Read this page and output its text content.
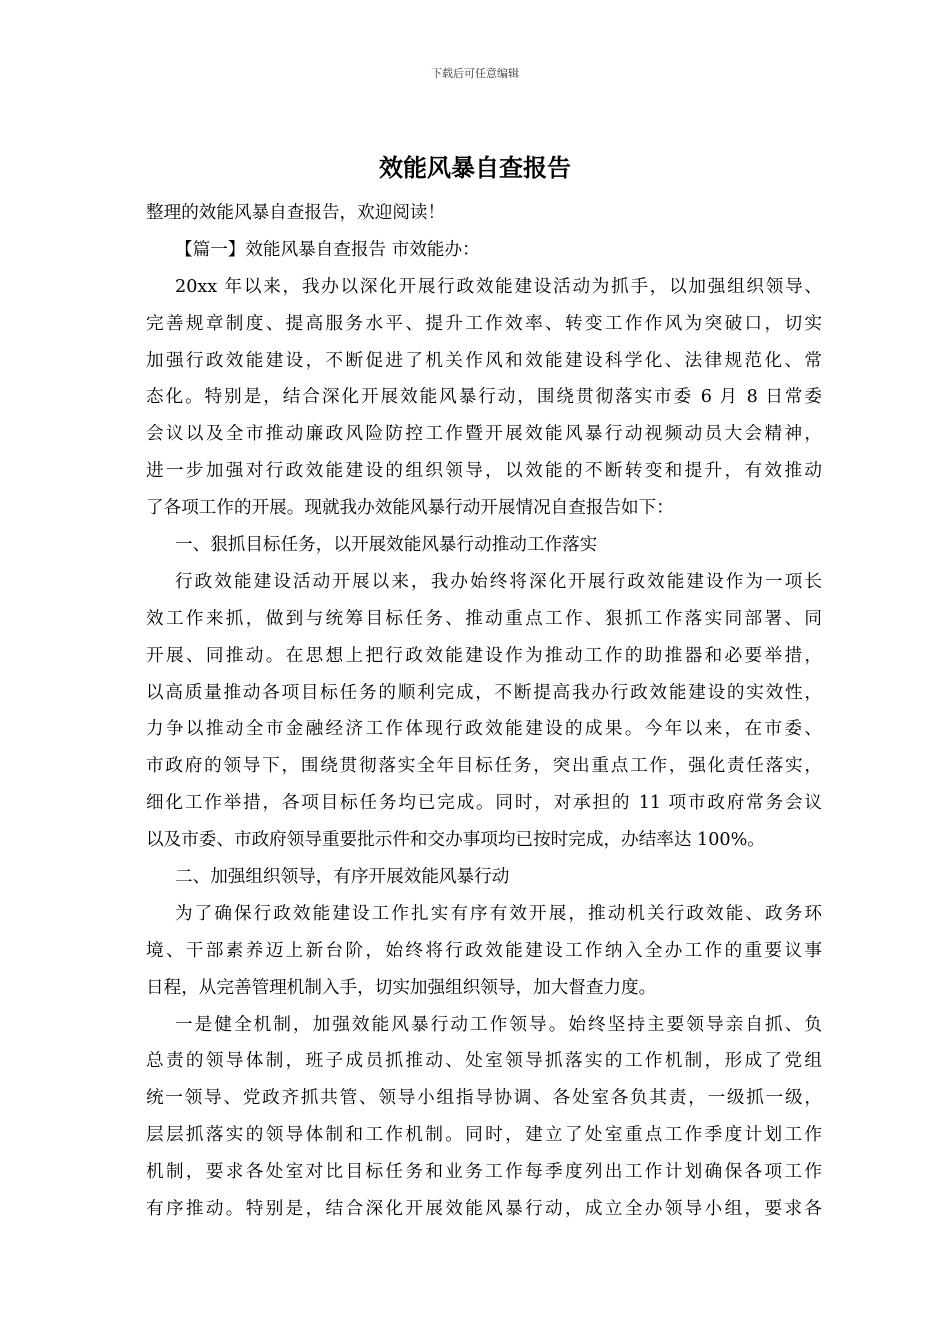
下载后可任意编辑
效能风暴自查报告
整理的效能风暴自查报告，欢迎阅读！
【篇一】效能风暴自查报告 市效能办：
20xx 年以来，我办以深化开展行政效能建设活动为抓手，以加强组织领导、
完善规章制度、提高服务水平、提升工作效率、转变工作作风为突破口，切实
加强行政效能建设，不断促进了机关作风和效能建设科学化、法律规范化、常
态化。特别是，结合深化开展效能风暴行动，围绕贯彻落实市委 6 月 8 日常委
会议以及全市推动廉政风险防控工作暨开展效能风暴行动视频动员大会精神，
进一步加强对行政效能建设的组织领导，以效能的不断转变和提升，有效推动
了各项工作的开展。现就我办效能风暴行动开展情况自查报告如下：
一、狠抓目标任务，以开展效能风暴行动推动工作落实
行政效能建设活动开展以来，我办始终将深化开展行政效能建设作为一项长
效工作来抓，做到与统筹目标任务、推动重点工作、狠抓工作落实同部署、同
开展、同推动。在思想上把行政效能建设作为推动工作的助推器和必要举措，
以高质量推动各项目标任务的顺利完成，不断提高我办行政效能建设的实效性，
力争以推动全市金融经济工作体现行政效能建设的成果。今年以来，在市委、
市政府的领导下，围绕贯彻落实全年目标任务，突出重点工作，强化责任落实，
细化工作举措，各项目标任务均已完成。同时，对承担的 11 项市政府常务会议
以及市委、市政府领导重要批示件和交办事项均已按时完成，办结率达 100%。
二、加强组织领导，有序开展效能风暴行动
为了确保行政效能建设工作扎实有序有效开展，推动机关行政效能、政务环
境、干部素养迈上新台阶，始终将行政效能建设工作纳入全办工作的重要议事
日程，从完善管理机制入手，切实加强组织领导，加大督查力度。
一是健全机制，加强效能风暴行动工作领导。始终坚持主要领导亲自抓、负
总责的领导体制，班子成员抓推动、处室领导抓落实的工作机制，形成了党组
统一领导、党政齐抓共管、领导小组指导协调、各处室各负其责，一级抓一级，
层层抓落实的领导体制和工作机制。同时，建立了处室重点工作季度计划工作
机制，要求各处室对比目标任务和业务工作每季度列出工作计划确保各项工作
有序推动。特别是，结合深化开展效能风暴行动，成立全办领导小组，要求各
